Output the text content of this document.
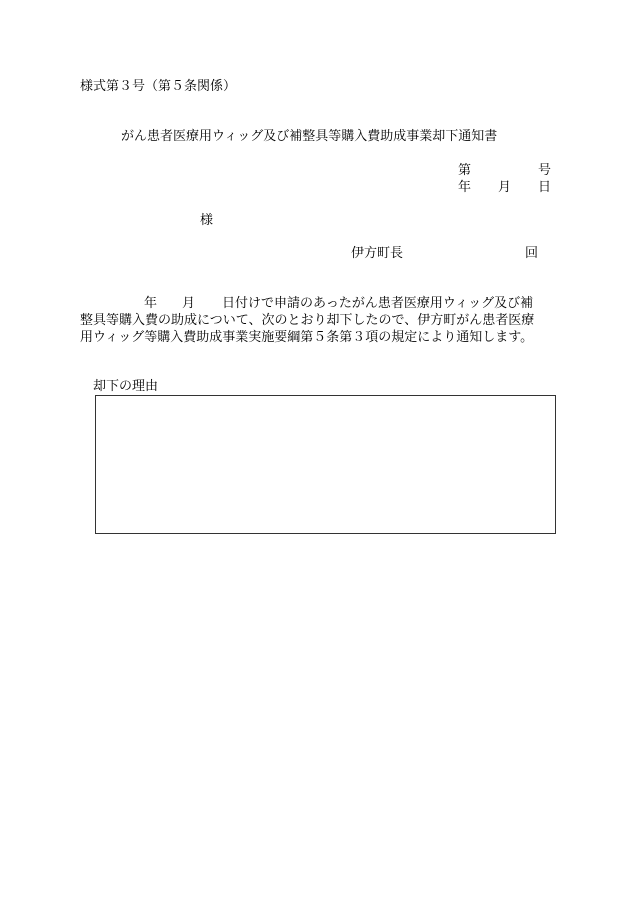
様式第３号（第５条関係）
がん患者医療用ウィッグ及び補整具等購入費助成事業却下通知書
第	号
年 月 日
様
伊方町長	回
年 月 日付けで申請のあったがん患者医療用ウィッグ及び補
整具等購入費の助成について、次のとおり却下したので、伊方町がん患者医療
用ウィッグ等購入費助成事業実施要綱第５条第３項の規定により通知します。
却下の理由
